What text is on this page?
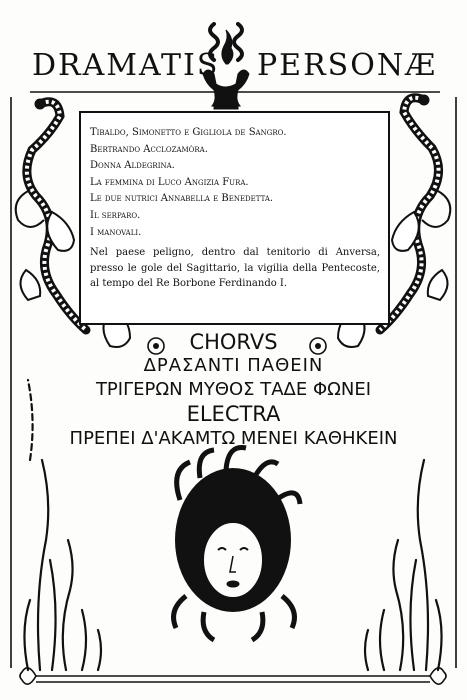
DRAMATIS PERSONÆ
Tibaldo, Simonetto e Gigliola de Sangro.
Bertrando Acclozamòra.
Donna Aldegrina.
La femmina di Luco Angizia Fura.
Le due nutrici Annabella e Benedetta.
Il serparo.
I manovali.

Nel paese peligno, dentro dal tenitorio di Anversa, presso le gole del Sagittario, la vigilia della Pentecoste, al tempo del Re Borbone Ferdinando I.

CHORVS

ΔΡΑΣΑΝΤΙ ΠΑΘΕΙΝ

ΤΡΙΓΕΡΩΝ ΜΥΘΟΣ ΤΑΔΕ ΦΩΝΕΙ

ELECTRA

ΠΡΕΠΕΙ Δ'ΑΚΑΜΤΩ ΜΕΝΕΙ ΚΑΘΗΚΕΙΝ
